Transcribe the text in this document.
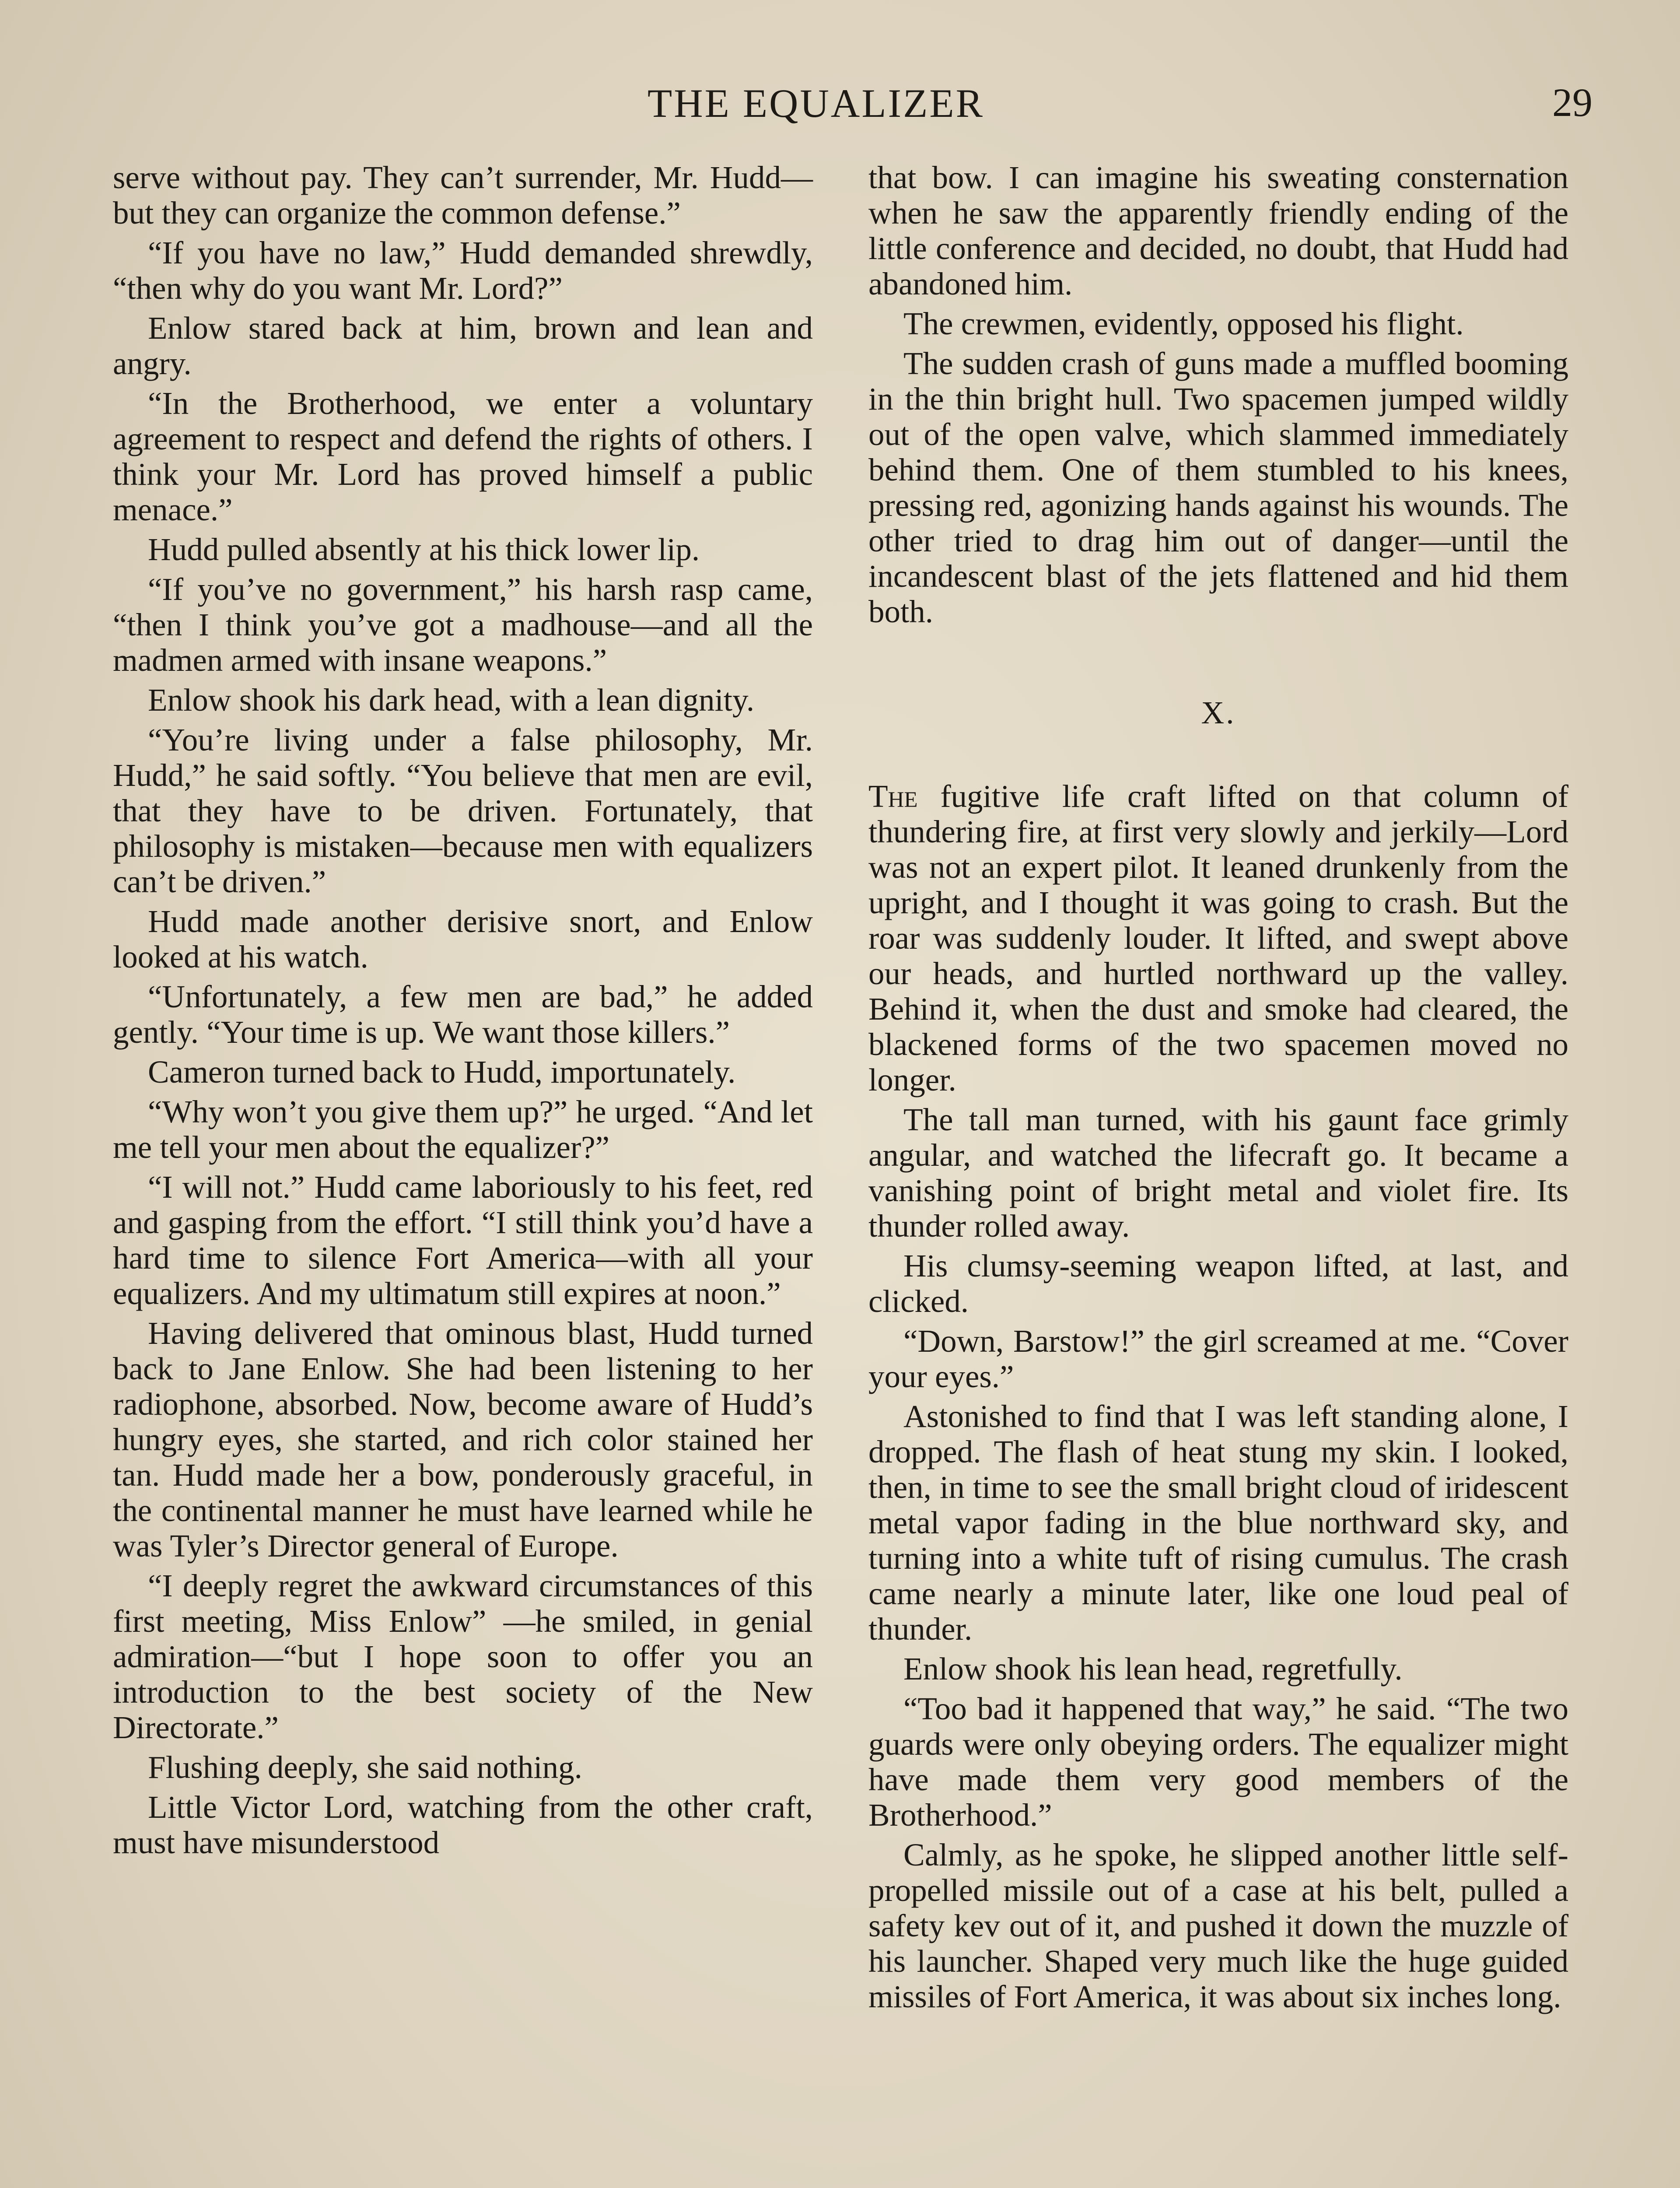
THE EQUALIZER	29

serve without pay. They can’t surrender, Mr. Hudd—but they can organize the common defense.”

“If you have no law,” Hudd demanded shrewdly, “then why do you want Mr. Lord?”

Enlow stared back at him, brown and lean and angry.

“In the Brotherhood, we enter a voluntary agreement to respect and defend the rights of others. I think your Mr. Lord has proved himself a public menace.”

Hudd pulled absently at his thick lower lip.

“If you’ve no government,” his harsh rasp came, “then I think you’ve got a madhouse—and all the madmen armed with insane weapons.”

Enlow shook his dark head, with a lean dignity.

“You’re living under a false philosophy, Mr. Hudd,” he said softly. “You believe that men are evil, that they have to be driven. Fortunately, that philosophy is mistaken—because men with equalizers can’t be driven.”

Hudd made another derisive snort, and Enlow looked at his watch.

“Unfortunately, a few men are bad,” he added gently. “Your time is up. We want those killers.”

Cameron turned back to Hudd, importunately.

“Why won’t you give them up?” he urged. “And let me tell your men about the equalizer?”

“I will not.” Hudd came laboriously to his feet, red and gasping from the effort. “I still think you’d have a hard time to silence Fort America—with all your equalizers. And my ultimatum still expires at noon.”

Having delivered that ominous blast, Hudd turned back to Jane Enlow. She had been listening to her radiophone, absorbed. Now, become aware of Hudd’s hungry eyes, she started, and rich color stained her tan. Hudd made her a bow, ponderously graceful, in the continental manner he must have learned while he was Tyler’s Director general of Europe.

“I deeply regret the awkward circumstances of this first meeting, Miss Enlow” —he smiled, in genial admiration—“but I hope soon to offer you an introduction to the best society of the New Directorate.”

Flushing deeply, she said nothing.

Little Victor Lord, watching from the other craft, must have misunderstood

that bow. I can imagine his sweating consternation when he saw the apparently friendly ending of the little conference and decided, no doubt, that Hudd had abandoned him.

The crewmen, evidently, opposed his flight.

The sudden crash of guns made a muffled booming in the thin bright hull. Two spacemen jumped wildly out of the open valve, which slammed immediately behind them. One of them stumbled to his knees, pressing red, agonizing hands against his wounds. The other tried to drag him out of danger—until the incandescent blast of the jets flattened and hid them both.

X.

The fugitive life craft lifted on that column of thundering fire, at first very slowly and jerkily—Lord was not an expert pilot. It leaned drunkenly from the upright, and I thought it was going to crash. But the roar was suddenly louder. It lifted, and swept above our heads, and hurtled northward up the valley. Behind it, when the dust and smoke had cleared, the blackened forms of the two spacemen moved no longer.

The tall man turned, with his gaunt face grimly angular, and watched the lifecraft go. It became a vanishing point of bright metal and violet fire. Its thunder rolled away.

His clumsy-seeming weapon lifted, at last, and clicked.

“Down, Barstow!” the girl screamed at me. “Cover your eyes.”

Astonished to find that I was left standing alone, I dropped. The flash of heat stung my skin. I looked, then, in time to see the small bright cloud of iridescent metal vapor fading in the blue northward sky, and turning into a white tuft of rising cumulus. The crash came nearly a minute later, like one loud peal of thunder.

Enlow shook his lean head, regretfully.

“Too bad it happened that way,” he said. “The two guards were only obeying orders. The equalizer might have made them very good members of the Brotherhood.”

Calmly, as he spoke, he slipped another little self-propelled missile out of a case at his belt, pulled a safety kev out of it, and pushed it down the muzzle of his launcher. Shaped very much like the huge guided missiles of Fort America, it was about six inches long.
